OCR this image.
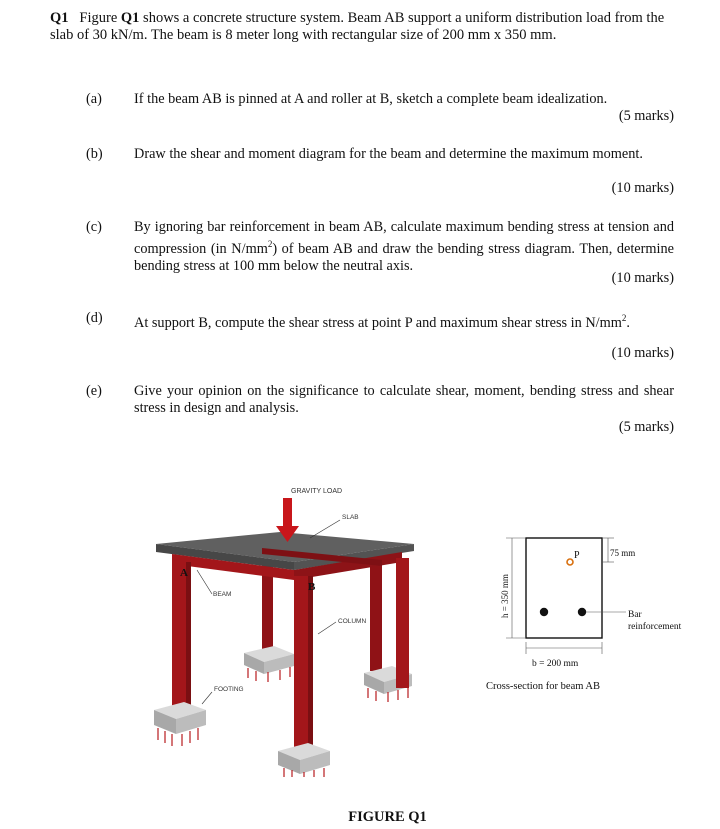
Q1 Figure Q1 shows a concrete structure system. Beam AB support a uniform distribution load from the slab of 30 kN/m. The beam is 8 meter long with rectangular size of 200 mm x 350 mm.
(a) If the beam AB is pinned at A and roller at B, sketch a complete beam idealization.
(5 marks)
(b) Draw the shear and moment diagram for the beam and determine the maximum moment.
(10 marks)
(c) By ignoring bar reinforcement in beam AB, calculate maximum bending stress at tension and compression (in $N/mm^2$) of beam AB and draw the bending stress diagram. Then, determine bending stress at 100 mm below the neutral axis.
(10 marks)
(d) At support B, compute the shear stress at point P and maximum shear stress in $N/mm^2$.
(10 marks)
(e) Give your opinion on the significance to calculate shear, moment, bending stress and shear stress in design and analysis.
(5 marks)
GRAVITY LOAD
SLAB
BEAM
COLUMN
FOOTING
A
B	h = 350 mm
b = 200 mm
75 mm
P
Bar
reinforcement
Cross-section for beam AB
FIGURE Q1
